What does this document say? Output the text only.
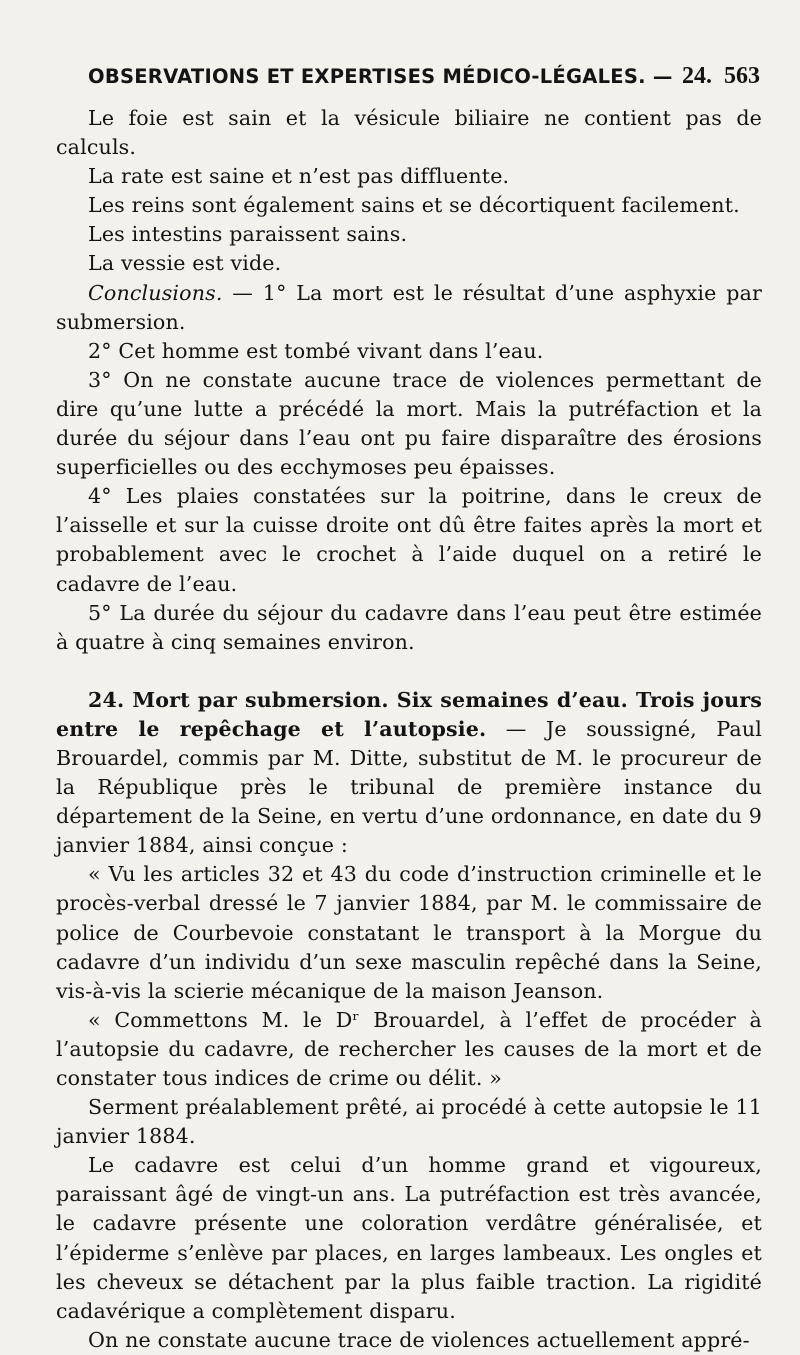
OBSERVATIONS ET EXPERTISES MÉDICO-LÉGALES. — 24. 563

Le foie est sain et la vésicule biliaire ne contient pas de calculs.

La rate est saine et n’est pas diffluente.

Les reins sont également sains et se décortiquent facilement.

Les intestins paraissent sains.

La vessie est vide.

Conclusions. — 1° La mort est le résultat d’une asphyxie par submersion.

2° Cet homme est tombé vivant dans l’eau.

3° On ne constate aucune trace de violences permettant de dire qu’une lutte a précédé la mort. Mais la putréfaction et la durée du séjour dans l’eau ont pu faire disparaître des érosions superficielles ou des ecchymoses peu épaisses.

4° Les plaies constatées sur la poitrine, dans le creux de l’aisselle et sur la cuisse droite ont dû être faites après la mort et probablement avec le crochet à l’aide duquel on a retiré le cadavre de l’eau.

5° La durée du séjour du cadavre dans l’eau peut être estimée à quatre à cinq semaines environ.

24. Mort par submersion. Six semaines d’eau. Trois jours entre le repêchage et l’autopsie. — Je soussigné, Paul Brouardel, commis par M. Ditte, substitut de M. le procureur de la République près le tribunal de première instance du département de la Seine, en vertu d’une ordonnance, en date du 9 janvier 1884, ainsi conçue :

« Vu les articles 32 et 43 du code d’instruction criminelle et le procès-verbal dressé le 7 janvier 1884, par M. le commissaire de police de Courbevoie constatant le transport à la Morgue du cadavre d’un individu d’un sexe masculin repêché dans la Seine, vis-à-vis la scierie mécanique de la maison Jeanson.

« Commettons M. le Dʳ Brouardel, à l’effet de procéder à l’autopsie du cadavre, de rechercher les causes de la mort et de constater tous indices de crime ou délit. »

Serment préalablement prêté, ai procédé à cette autopsie le 11 janvier 1884.

Le cadavre est celui d’un homme grand et vigoureux, paraissant âgé de vingt-un ans. La putréfaction est très avancée, le cadavre présente une coloration verdâtre généralisée, et l’épiderme s’enlève par places, en larges lambeaux. Les ongles et les cheveux se détachent par la plus faible traction. La rigidité cadavérique a complètement disparu.

On ne constate aucune trace de violences actuellement appré-
